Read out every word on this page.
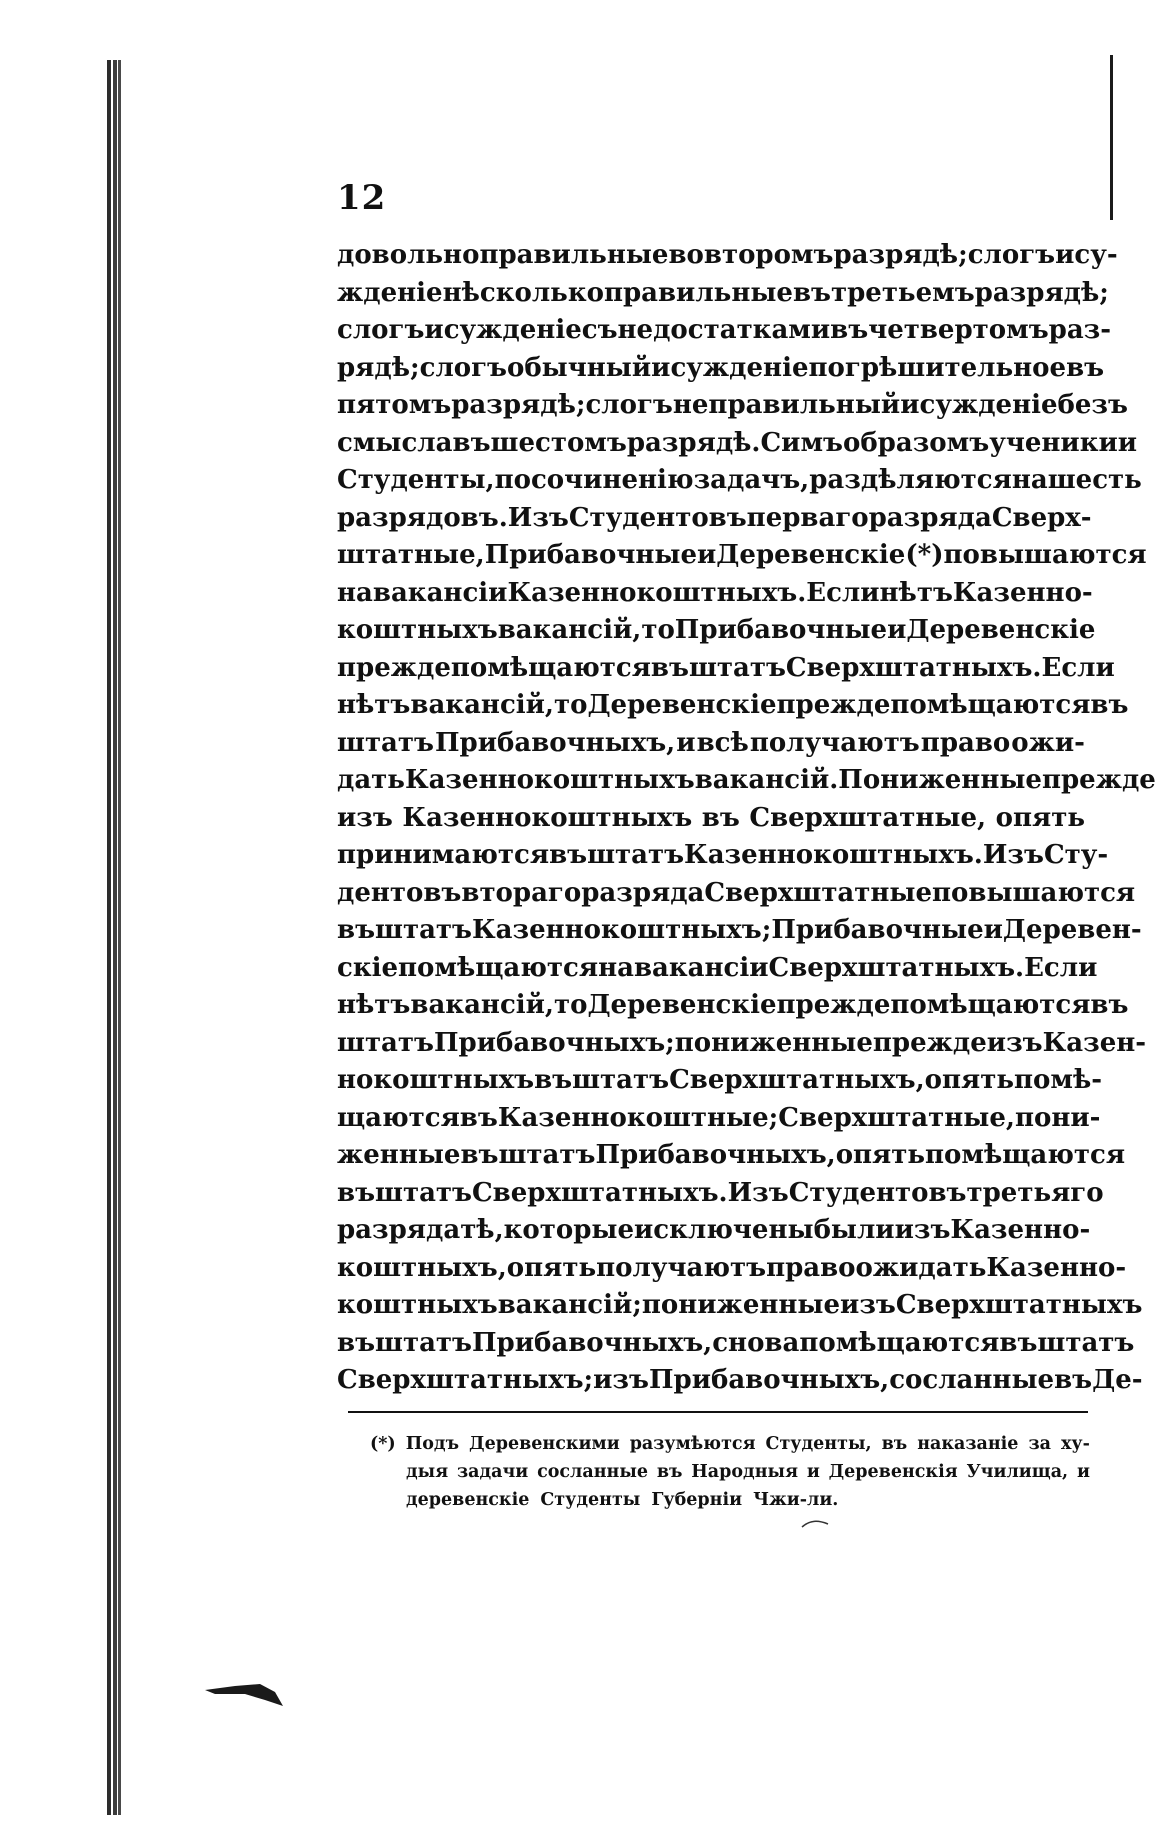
12

довольно правильные во второмъ разрядѣ; слогъ и су-
жденіе нѣсколько правильные въ третьемъ разрядѣ;
слогъ и сужденіе съ недостатками въ четвертомъ раз-
рядѣ; слогъ обычный и сужденіе погрѣшительное въ
пятомъ разрядѣ; слогъ неправильный и сужденіе безъ
смысла въ шестомъ разрядѣ. Симъ образомъ ученики и
Студенты, по сочиненію задачъ, раздѣляются на шесть
разрядовъ. Изъ Студентовъ перваго разряда Сверх-
штатные, Прибавочные и Деревенскіе (*) повышаются
на вакансіи Казеннокоштныхъ. Если нѣтъ Казенно-
коштныхъ вакансій, то Прибавочные и Деревенскіе
прежде помѣщаются въ штатъ Сверхштатныхъ. Если
нѣтъ вакансій, то Деревенскіе прежде помѣщаются въ
штатъ Прибавочныхъ, и всѣ получаютъ право ожи-
дать Казеннокоштныхъ вакансій. Пониженные прежде
изъ Казеннокоштныхъ въ Сверхштатные, опять
принимаются въ штатъ Казеннокоштныхъ. Изъ Сту-
дентовъ втораго разряда Сверхштатные повышаются
въ штатъ Казеннокоштныхъ; Прибавочные и Деревен-
скіе помѣщаются на вакансіи Сверхштатныхъ. Если
нѣтъ вакансій, то Деревенскіе прежде помѣщаются въ
штатъ Прибавочныхъ; пониженные прежде изъ Казен-
нокоштныхъ въ штатъ Сверхштатныхъ, опять помѣ-
щаются въ Казеннокоштные; Сверхштатные, пони-
женные въ штатъ Прибавочныхъ, опять помѣщаются
въ штатъ Сверхштатныхъ. Изъ Студентовъ третьяго
разряда тѣ, которые исключены были изъ Казенно-
коштныхъ, опять получаютъ право ожидать Казенно-
коштныхъ вакансій; пониженные изъ Сверхштатныхъ
въ штатъ Прибавочныхъ, снова помѣщаются въ штатъ
Сверхштатныхъ; изъ Прибавочныхъ, сосланные въ Де-
(*) Подъ Деревенскими разумѣются Студенты, въ наказаніе за ху-
дыя задачи сосланные въ Народныя и Деревенскія Училища, и
деревенскіе Студенты Губерніи Чжи-ли.
